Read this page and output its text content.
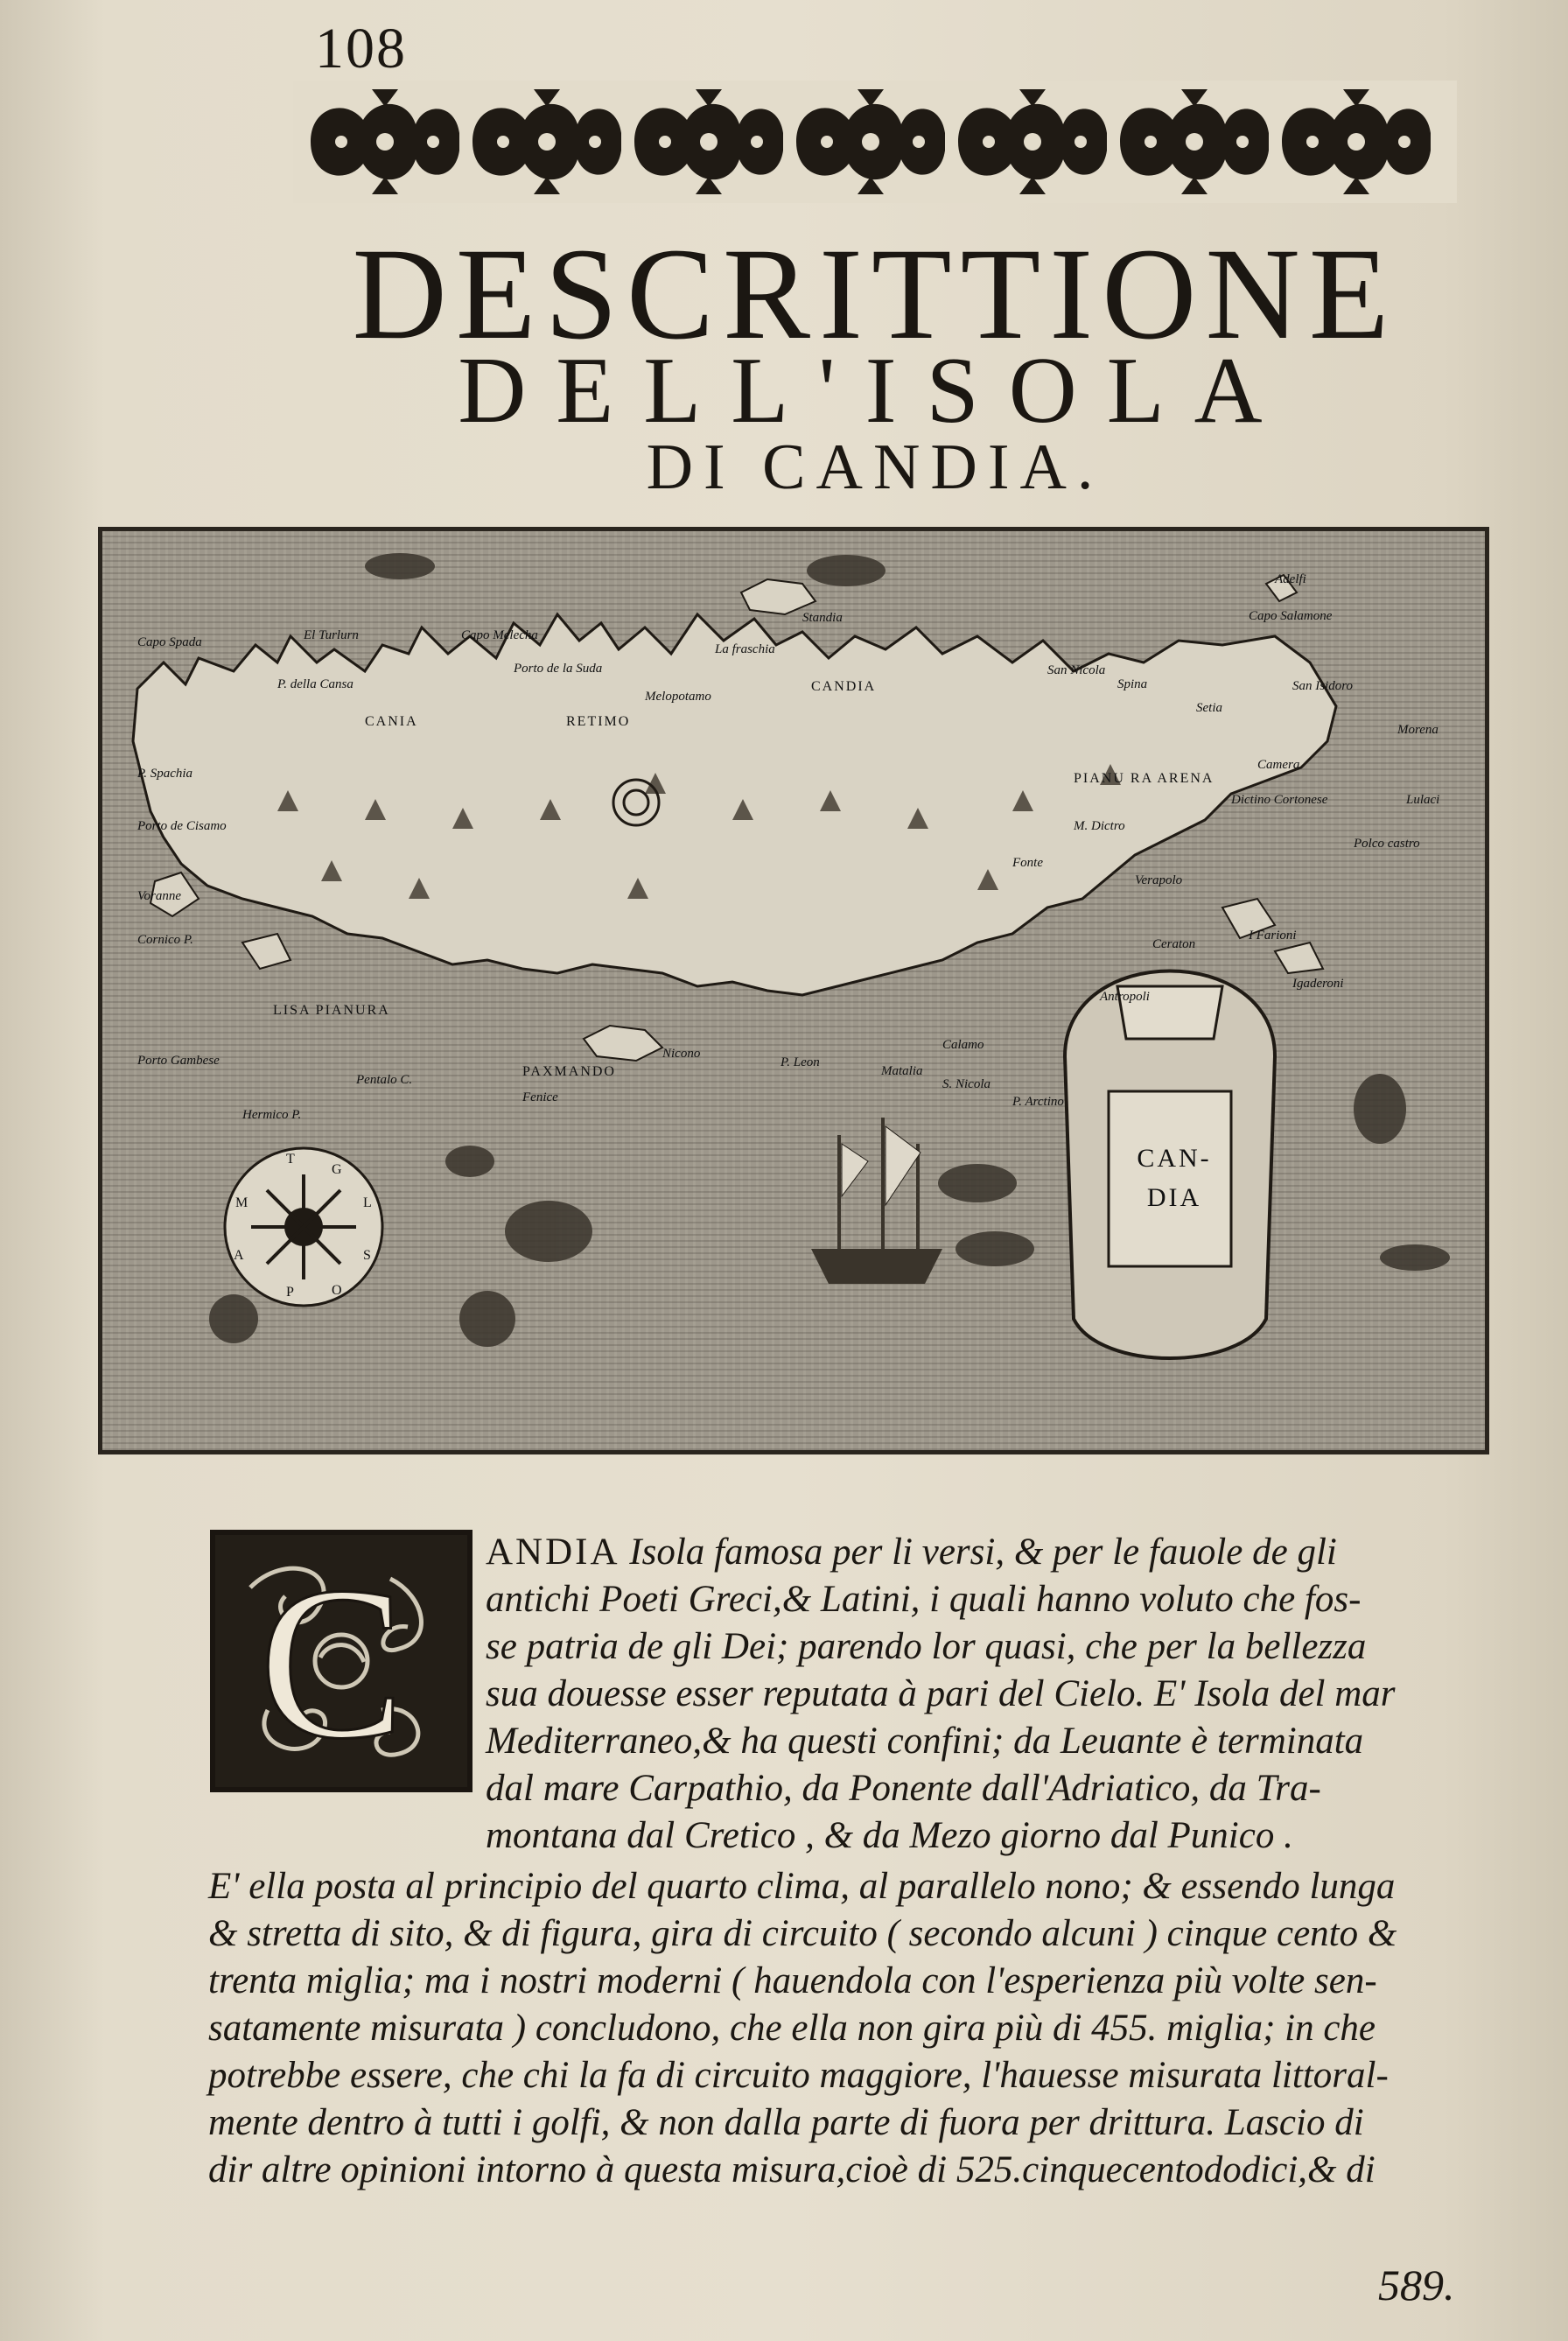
108
DESCRITTIONE
DELL'ISOLA
DI CANDIA.
Standia
La fraschia
Adelfi
Capo Salamone
El Turlurn	Capo Melecha
Porto de la Suda
Capo Spada
P. della Cansa
CANIA	RETIMO
CANDIA
Melopotamo
San Nicola
Spina
Setia
San Isidoro
Morena
P. Spachia	PIANU RA ARENA
Camera
Lulaci
Dictino Cortonese
Polco castro
M. Dictro
Fonte
Verapolo
I Farioni
Ceraton
Antropoli
Porto de Cisamo
Voranne
Cornico P.
LISA PIANURA
Porto Gambese
Pentalo C.
Hermico P.
Fenice
Nicono
P. Leon
Matalia
S. Nicola
P. Arctino
Calamo
PAXMANDO
Igaderoni
T
G
L
S
O
P
A
M
CAN-
DIA
C ANDIA Isola famosa per li versi, & per le fauole de gli
antichi Poeti Greci,& Latini, i quali hanno voluto che fos-
se patria de gli Dei; parendo lor quasi, che per la bellezza
sua douesse esser reputata à pari del Cielo. E' Isola del mar
Mediterraneo,& ha questi confini; da Leuante è terminata
dal mare Carpathio, da Ponente dall'Adriatico, da Tra-
montana dal Cretico , & da Mezo giorno dal Punico .
E' ella posta al principio del quarto clima, al parallelo nono; & essendo lunga
& stretta di sito, & di figura, gira di circuito ( secondo alcuni ) cinque cento &
trenta miglia; ma i nostri moderni ( hauendola con l'esperienza più volte sen-
satamente misurata ) concludono, che ella non gira più di 455. miglia; in che
potrebbe essere, che chi la fa di circuito maggiore, l'hauesse misurata littoral-
mente dentro à tutti i golfi, & non dalla parte di fuora per drittura. Lascio di
dir altre opinioni intorno à questa misura,cioè di 525.cinquecentododici,& di
589.
